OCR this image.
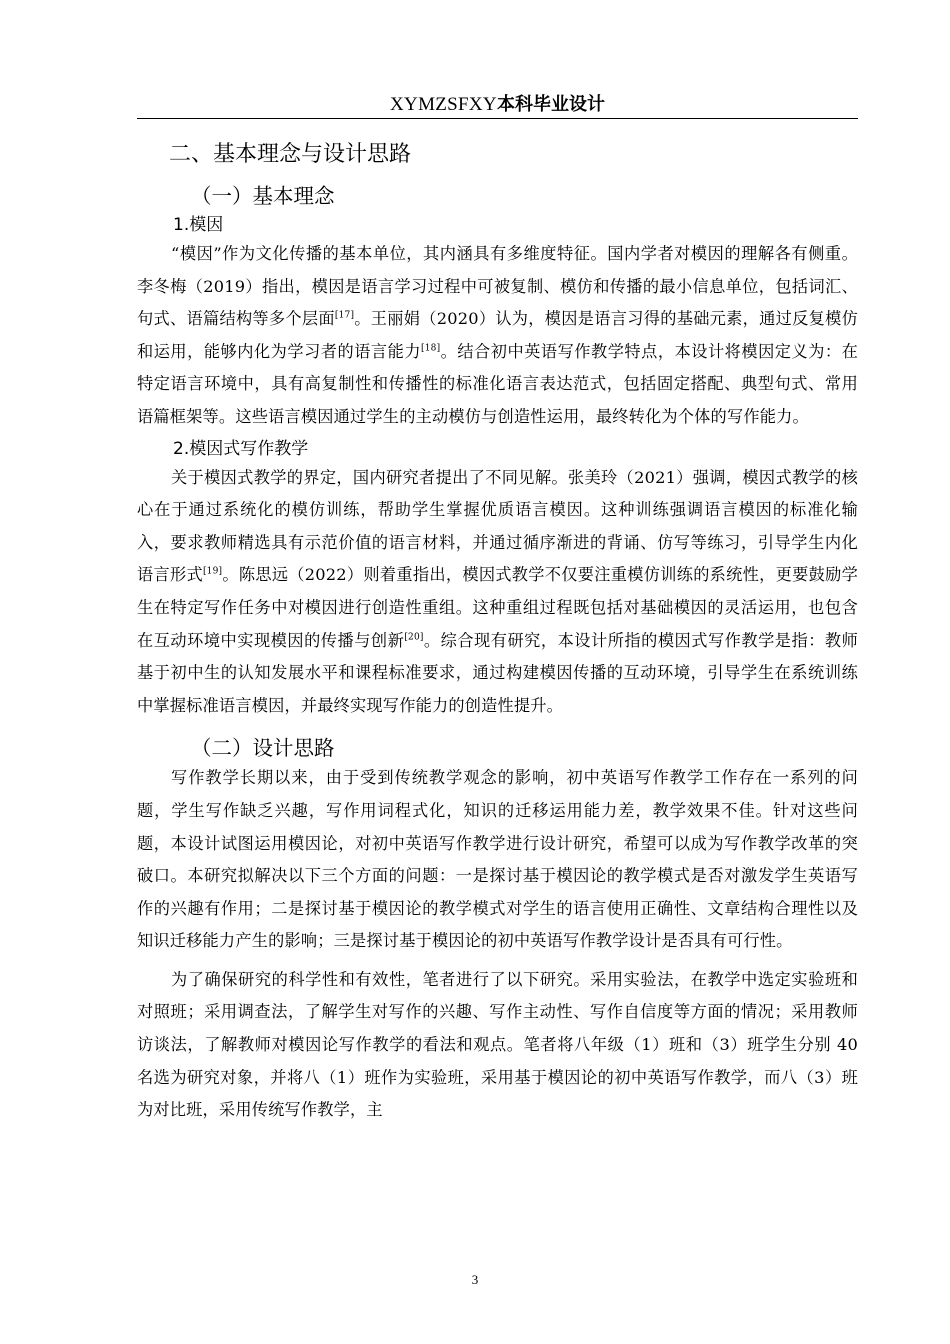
XYMZSFXY本科毕业设计
二、基本理念与设计思路
（一）基本理念
1.模因

“模因”作为文化传播的基本单位，其内涵具有多维度特征。国内学者对模因的理解各有侧重。李冬梅（2019）指出，模因是语言学习过程中可被复制、模仿和传播的最小信息单位，包括词汇、句式、语篇结构等多个层面[17]。王丽娟（2020）认为，模因是语言习得的基础元素，通过反复模仿和运用，能够内化为学习者的语言能力[18]。结合初中英语写作教学特点，本设计将模因定义为：在特定语言环境中，具有高复制性和传播性的标准化语言表达范式，包括固定搭配、典型句式、常用语篇框架等。这些语言模因通过学生的主动模仿与创造性运用，最终转化为个体的写作能力。

2.模因式写作教学

关于模因式教学的界定，国内研究者提出了不同见解。张美玲（2021）强调，模因式教学的核心在于通过系统化的模仿训练，帮助学生掌握优质语言模因。这种训练强调语言模因的标准化输入，要求教师精选具有示范价值的语言材料，并通过循序渐进的背诵、仿写等练习，引导学生内化语言形式[19]。陈思远（2022）则着重指出，模因式教学不仅要注重模仿训练的系统性，更要鼓励学生在特定写作任务中对模因进行创造性重组。这种重组过程既包括对基础模因的灵活运用，也包含在互动环境中实现模因的传播与创新[20]。综合现有研究，本设计所指的模因式写作教学是指：教师基于初中生的认知发展水平和课程标准要求，通过构建模因传播的互动环境，引导学生在系统训练中掌握标准语言模因，并最终实现写作能力的创造性提升。

（二）设计思路

写作教学长期以来，由于受到传统教学观念的影响，初中英语写作教学工作存在一系列的问题，学生写作缺乏兴趣，写作用词程式化，知识的迁移运用能力差，教学效果不佳。针对这些问题，本设计试图运用模因论，对初中英语写作教学进行设计研究，希望可以成为写作教学改革的突破口。本研究拟解决以下三个方面的问题：一是探讨基于模因论的教学模式是否对激发学生英语写作的兴趣有作用；二是探讨基于模因论的教学模式对学生的语言使用正确性、文章结构合理性以及知识迁移能力产生的影响；三是探讨基于模因论的初中英语写作教学设计是否具有可行性。

为了确保研究的科学性和有效性，笔者进行了以下研究。采用实验法，在教学中选定实验班和对照班；采用调查法，了解学生对写作的兴趣、写作主动性、写作自信度等方面的情况；采用教师访谈法，了解教师对模因论写作教学的看法和观点。笔者将八年级（1）班和（3）班学生分别 40 名选为研究对象，并将八（1）班作为实验班，采用基于模因论的初中英语写作教学，而八（3）班为对比班，采用传统写作教学，主

3
